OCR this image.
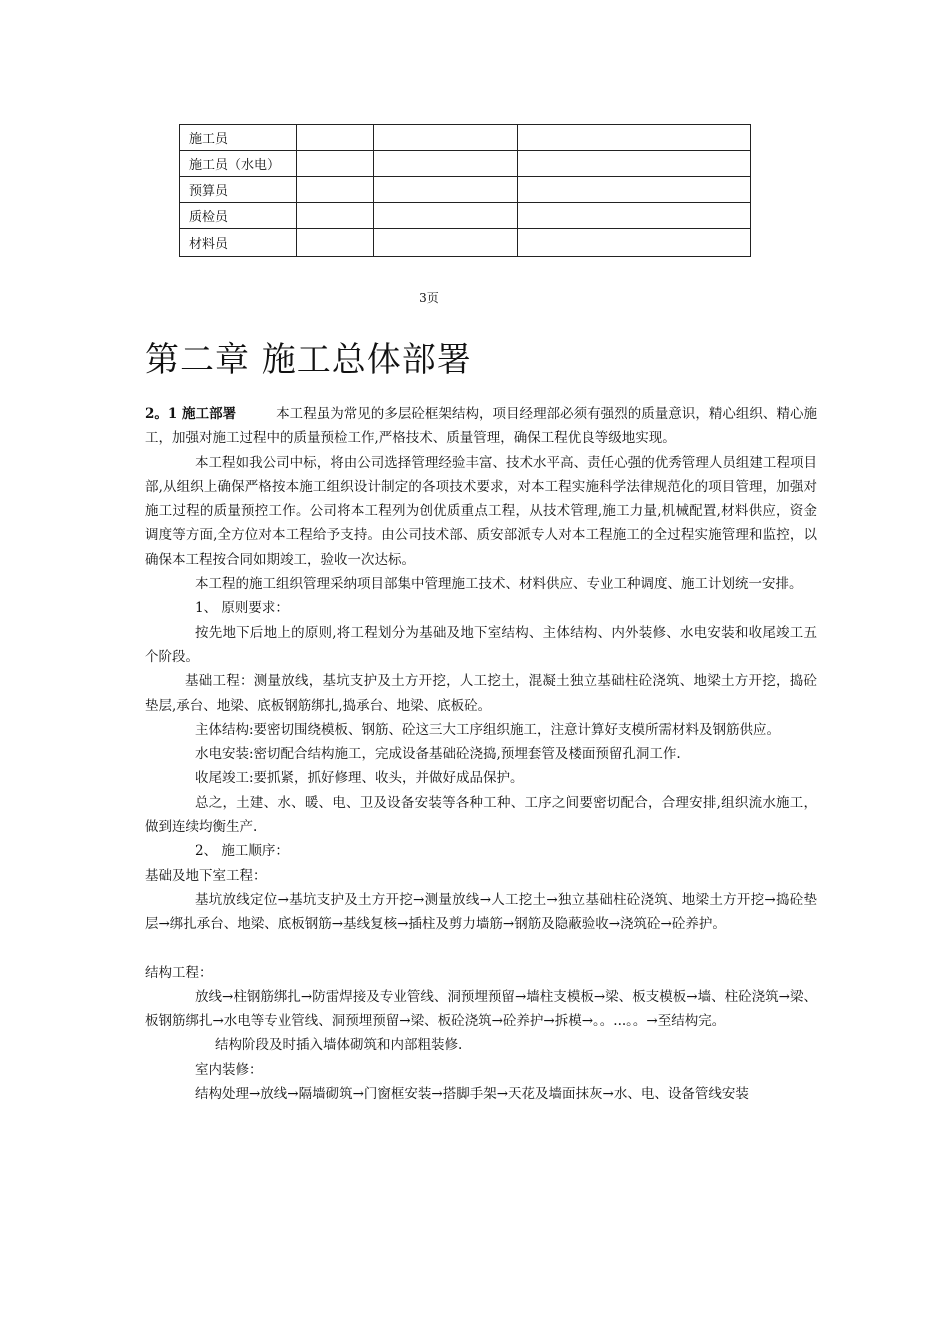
施工员			
施工员（水电）			
预算员			
质检员			
材料员			
3页
第二章 施工总体部署

2。1 施工部署	本工程虽为常见的多层砼框架结构，项目经理部必须有强烈的质量意识，精心组织、精心施工，加强对施工过程中的质量预检工作,严格技术、质量管理，确保工程优良等级地实现。

本工程如我公司中标，将由公司选择管理经验丰富、技术水平高、责任心强的优秀管理人员组建工程项目部,从组织上确保严格按本施工组织设计制定的各项技术要求，对本工程实施科学法律规范化的项目管理，加强对施工过程的质量预控工作。公司将本工程列为创优质重点工程，从技术管理,施工力量,机械配置,材料供应，资金调度等方面,全方位对本工程给予支持。由公司技术部、质安部派专人对本工程施工的全过程实施管理和监控，以确保本工程按合同如期竣工，验收一次达标。

本工程的施工组织管理采纳项目部集中管理施工技术、材料供应、专业工种调度、施工计划统一安排。

1、 原则要求：

按先地下后地上的原则,将工程划分为基础及地下室结构、主体结构、内外装修、水电安装和收尾竣工五个阶段。

基础工程：测量放线，基坑支护及土方开挖，人工挖土，混凝土独立基础柱砼浇筑、地梁土方开挖，捣砼垫层,承台、地梁、底板钢筋绑扎,捣承台、地梁、底板砼。

主体结构:要密切围绕模板、钢筋、砼这三大工序组织施工，注意计算好支模所需材料及钢筋供应。

水电安装:密切配合结构施工，完成设备基础砼浇捣,预埋套管及楼面预留孔洞工作.

收尾竣工:要抓紧，抓好修理、收头，并做好成品保护。

总之，土建、水、暖、电、卫及设备安装等各种工种、工序之间要密切配合，合理安排,组织流水施工，做到连续均衡生产.

2、 施工顺序：

基础及地下室工程：

基坑放线定位→基坑支护及土方开挖→测量放线→人工挖土→独立基础柱砼浇筑、地梁土方开挖→捣砼垫层→绑扎承台、地梁、底板钢筋→基线复核→插柱及剪力墙筋→钢筋及隐蔽验收→浇筑砼→砼养护。

结构工程：

放线→柱钢筋绑扎→防雷焊接及专业管线、洞预埋预留→墙柱支模板→梁、板支模板→墙、柱砼浇筑→梁、板钢筋绑扎→水电等专业管线、洞预埋预留→梁、板砼浇筑→砼养护→拆模→。。...。。→至结构完。

结构阶段及时插入墙体砌筑和内部粗装修.

室内装修：

结构处理→放线→隔墙砌筑→门窗框安装→搭脚手架→天花及墙面抹灰→水、电、设备管线安装
